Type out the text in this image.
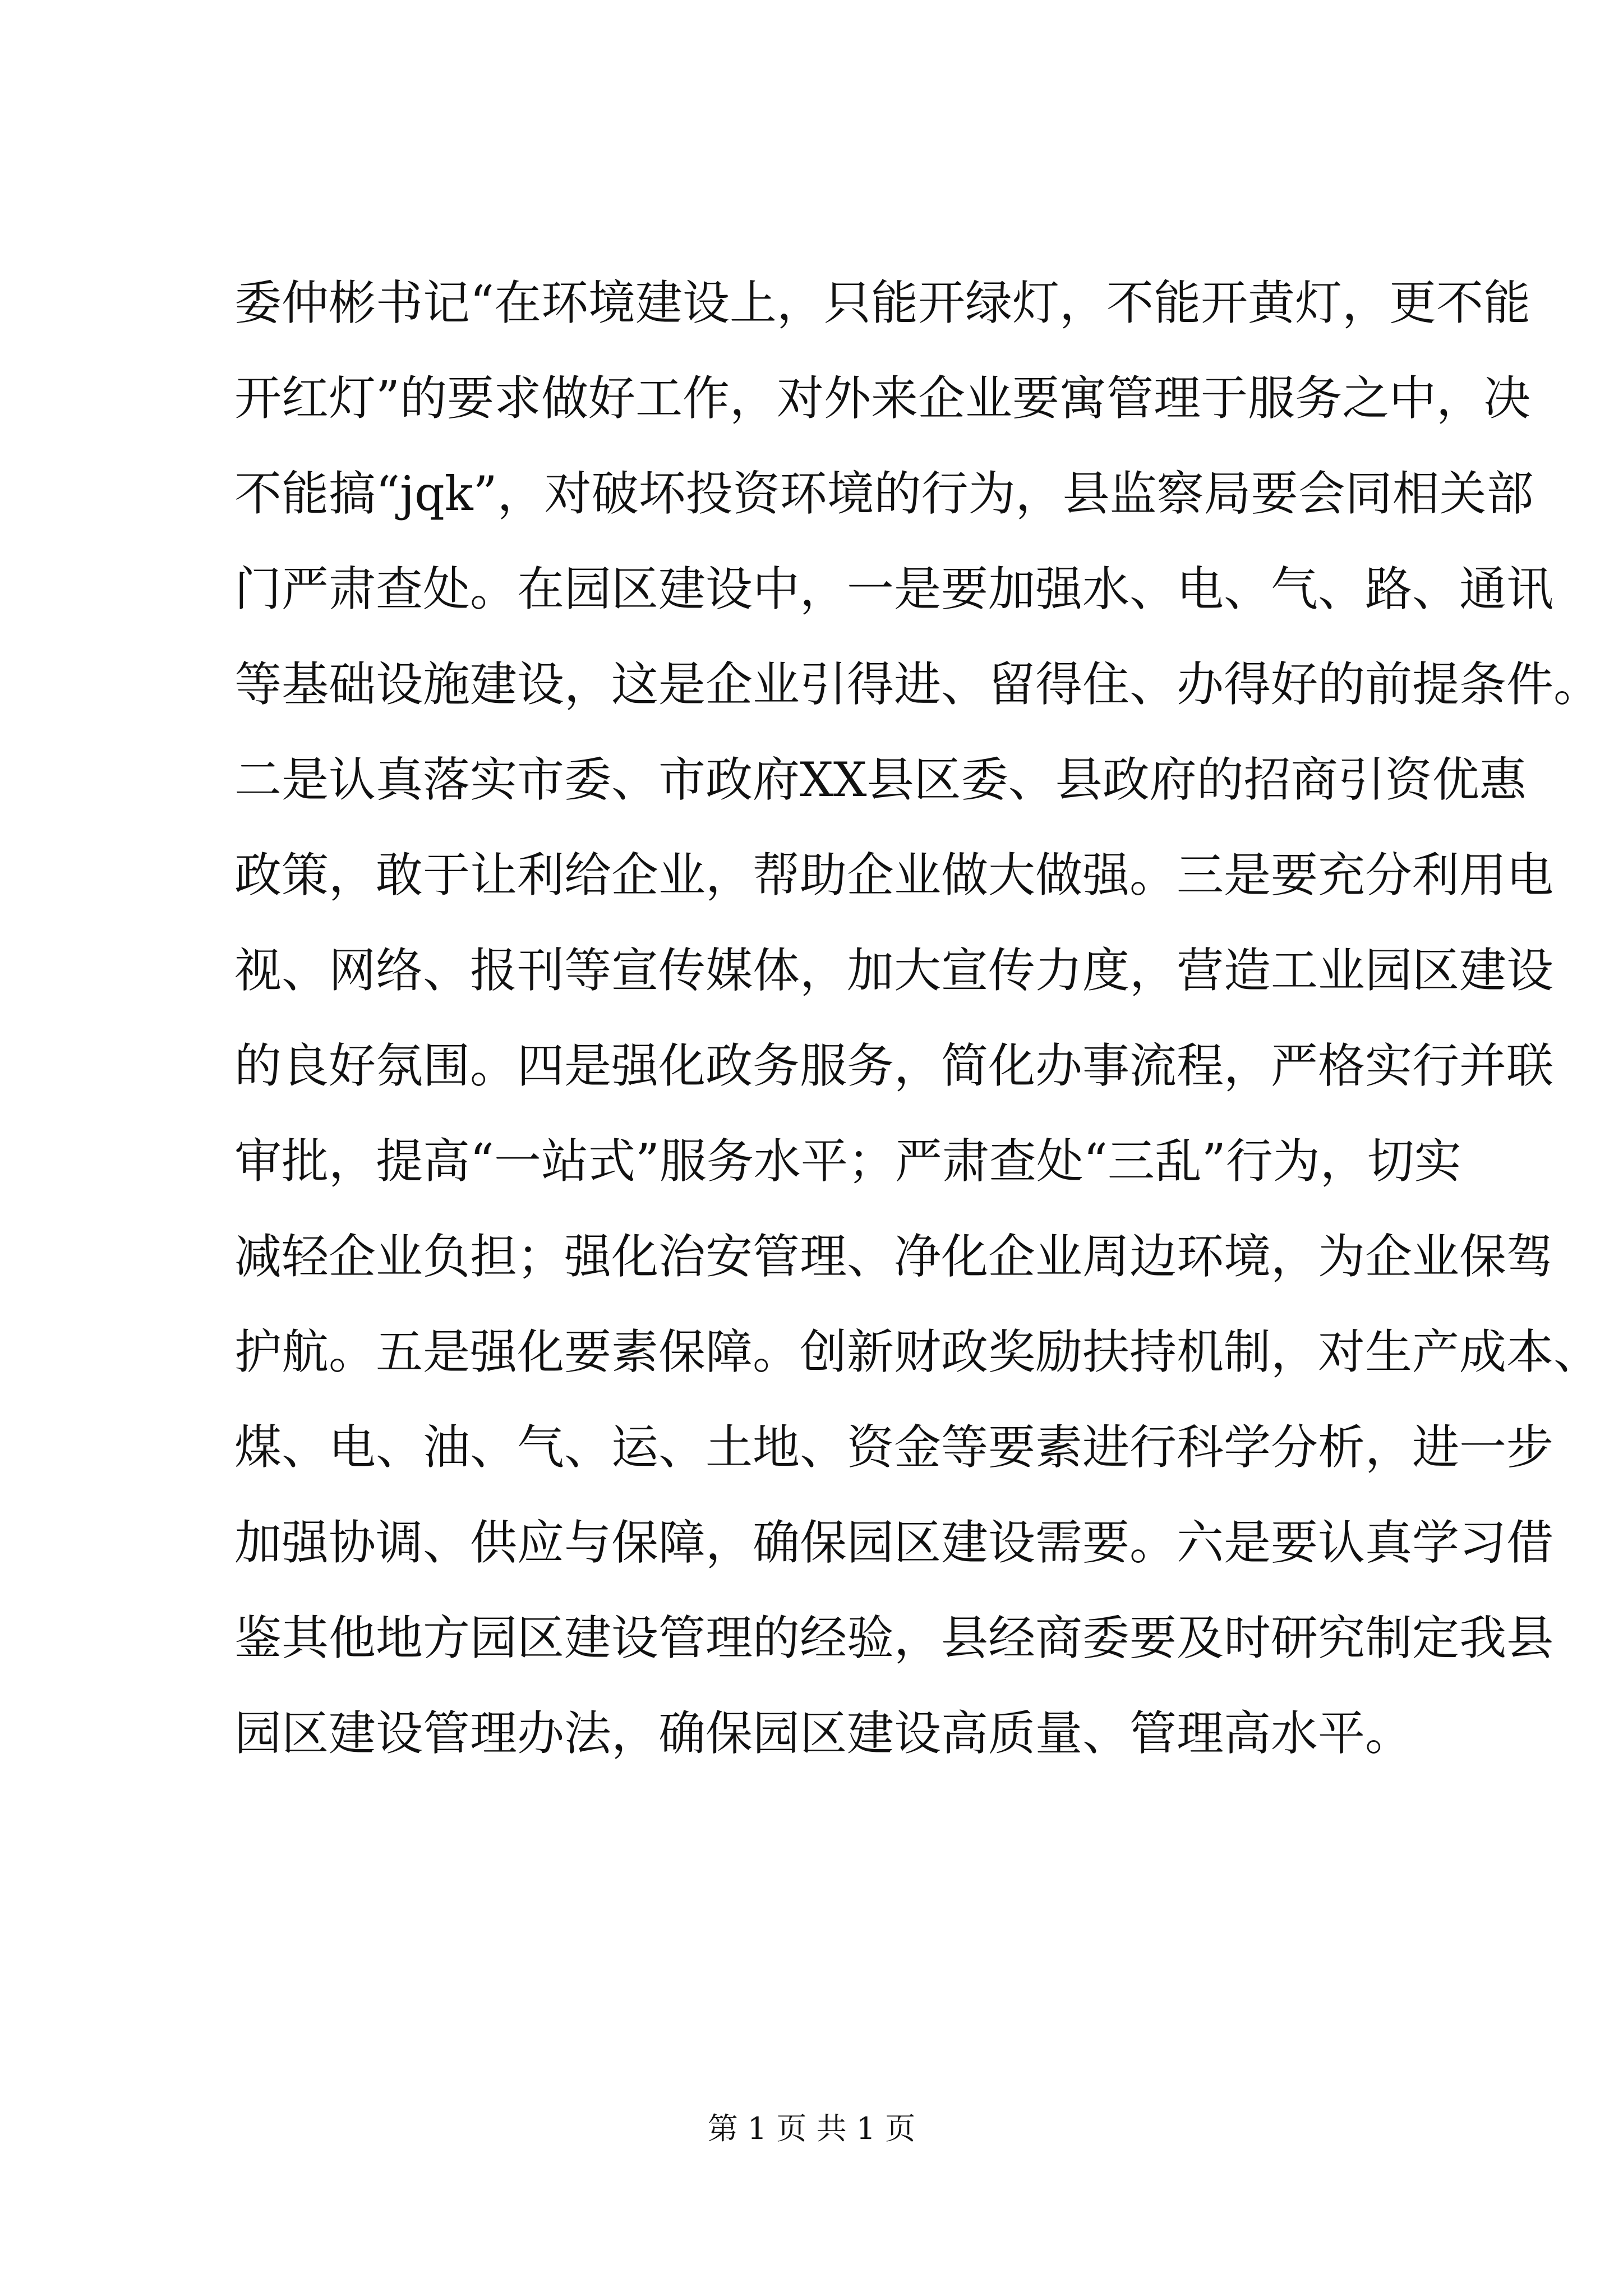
委仲彬书记“在环境建设上，只能开绿灯，不能开黄灯，更不能
开红灯”的要求做好工作，对外来企业要寓管理于服务之中，决
不能搞“jqk”，对破坏投资环境的行为，县监察局要会同相关部
门严肃查处。在园区建设中，一是要加强水、电、气、路、通讯
等基础设施建设，这是企业引得进、留得住、办得好的前提条件。
二是认真落实市委、市政府XX县区委、县政府的招商引资优惠
政策，敢于让利给企业，帮助企业做大做强。三是要充分利用电
视、网络、报刊等宣传媒体，加大宣传力度，营造工业园区建设
的良好氛围。四是强化政务服务，简化办事流程，严格实行并联
审批，提高“一站式”服务水平；严肃查处“三乱”行为，切实
减轻企业负担；强化治安管理、净化企业周边环境，为企业保驾
护航。五是强化要素保障。创新财政奖励扶持机制，对生产成本、
煤、电、油、气、运、土地、资金等要素进行科学分析，进一步
加强协调、供应与保障，确保园区建设需要。六是要认真学习借
鉴其他地方园区建设管理的经验，县经商委要及时研究制定我县
园区建设管理办法，确保园区建设高质量、管理高水平。
第 1 页 共 1 页
